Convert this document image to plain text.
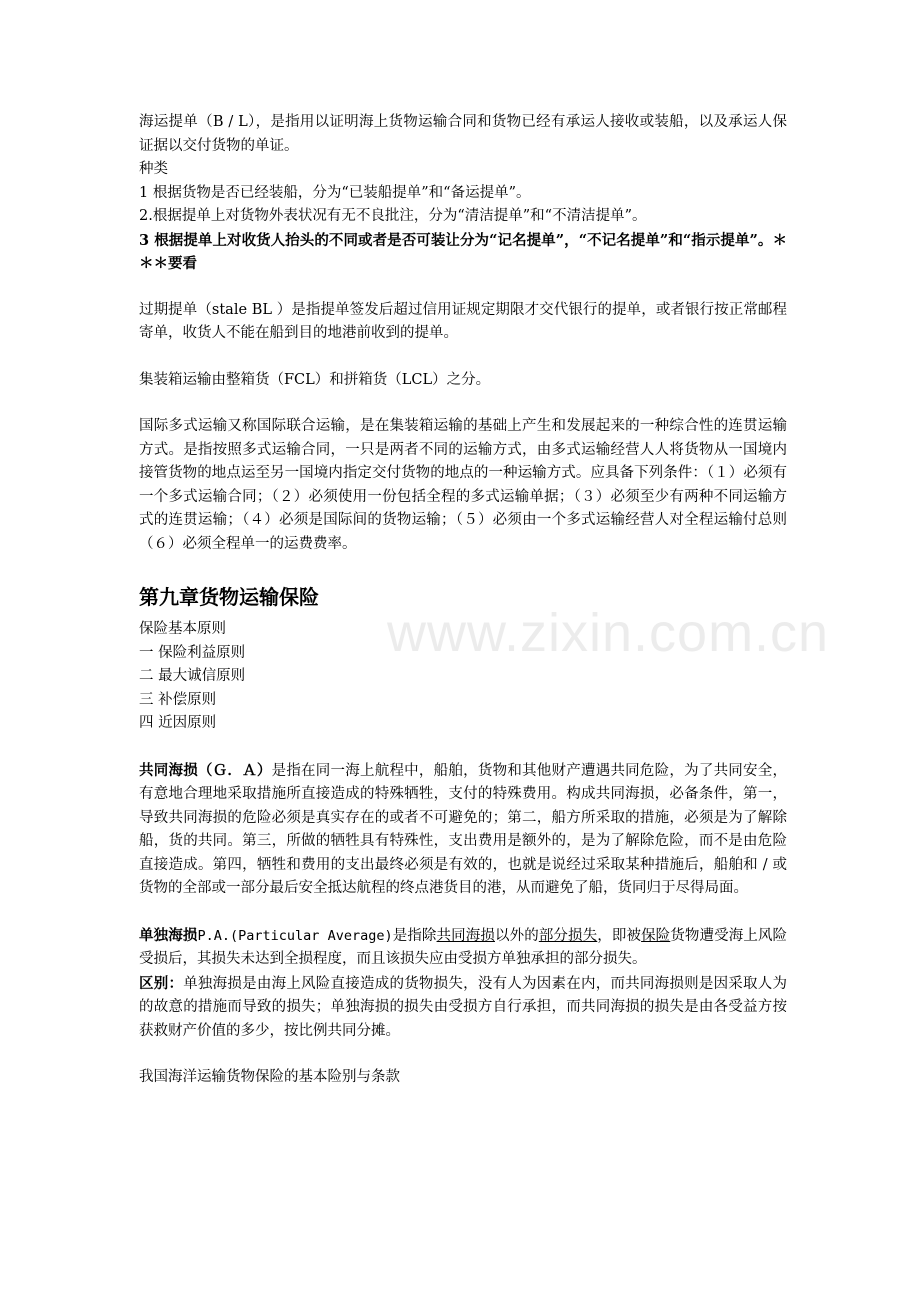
www.zixin.com.cn

海运提单（B / L），是指用以证明海上货物运输合同和货物已经有承运人接收或装船，以及承运人保证据以交付货物的单证。

种类

1 根据货物是否已经装船，分为“已装船提单”和“备运提单”。

2.根据提单上对货物外表状况有无不良批注，分为“清洁提单”和“不清洁提单”。

3 根据提单上对收货人抬头的不同或者是否可装让分为“记名提单”，“不记名提单”和“指示提单”。＊＊＊要看

过期提单（stale BL ）是指提单签发后超过信用证规定期限才交代银行的提单，或者银行按正常邮程寄单，收货人不能在船到目的地港前收到的提单。

集装箱运输由整箱货（FCL）和拼箱货（LCL）之分。

国际多式运输又称国际联合运输，是在集装箱运输的基础上产生和发展起来的一种综合性的连贯运输方式。是指按照多式运输合同，一只是两者不同的运输方式，由多式运输经营人人将货物从一国境内接管货物的地点运至另一国境内指定交付货物的地点的一种运输方式。应具备下列条件：（１）必须有一个多式运输合同；（２）必须使用一份包括全程的多式运输单据；（３）必须至少有两种不同运输方式的连贯运输；（４）必须是国际间的货物运输；（５）必须由一个多式运输经营人对全程运输付总则（６）必须全程单一的运费费率。

第九章货物运输保险

保险基本原则

一 保险利益原则

二 最大诚信原则

三 补偿原则

四 近因原则

共同海损（Ｇ．Ａ）是指在同一海上航程中，船舶，货物和其他财产遭遇共同危险，为了共同安全，有意地合理地采取措施所直接造成的特殊牺牲，支付的特殊费用。构成共同海损，必备条件，第一，导致共同海损的危险必须是真实存在的或者不可避免的；第二，船方所采取的措施，必须是为了解除船，货的共同。第三，所做的牺牲具有特殊性，支出费用是额外的，是为了解除危险，而不是由危险直接造成。第四，牺牲和费用的支出最终必须是有效的，也就是说经过采取某种措施后，船舶和 / 或货物的全部或一部分最后安全抵达航程的终点港货目的港，从而避免了船，货同归于尽得局面。

单独海损P.A.(Particular Average)是指除共同海损以外的部分损失，即被保险货物遭受海上风险受损后，其损失未达到全损程度，而且该损失应由受损方单独承担的部分损失。

区别：单独海损是由海上风险直接造成的货物损失，没有人为因素在内，而共同海损则是因采取人为的故意的措施而导致的损失；单独海损的损失由受损方自行承担，而共同海损的损失是由各受益方按获救财产价值的多少，按比例共同分摊。

我国海洋运输货物保险的基本险别与条款
